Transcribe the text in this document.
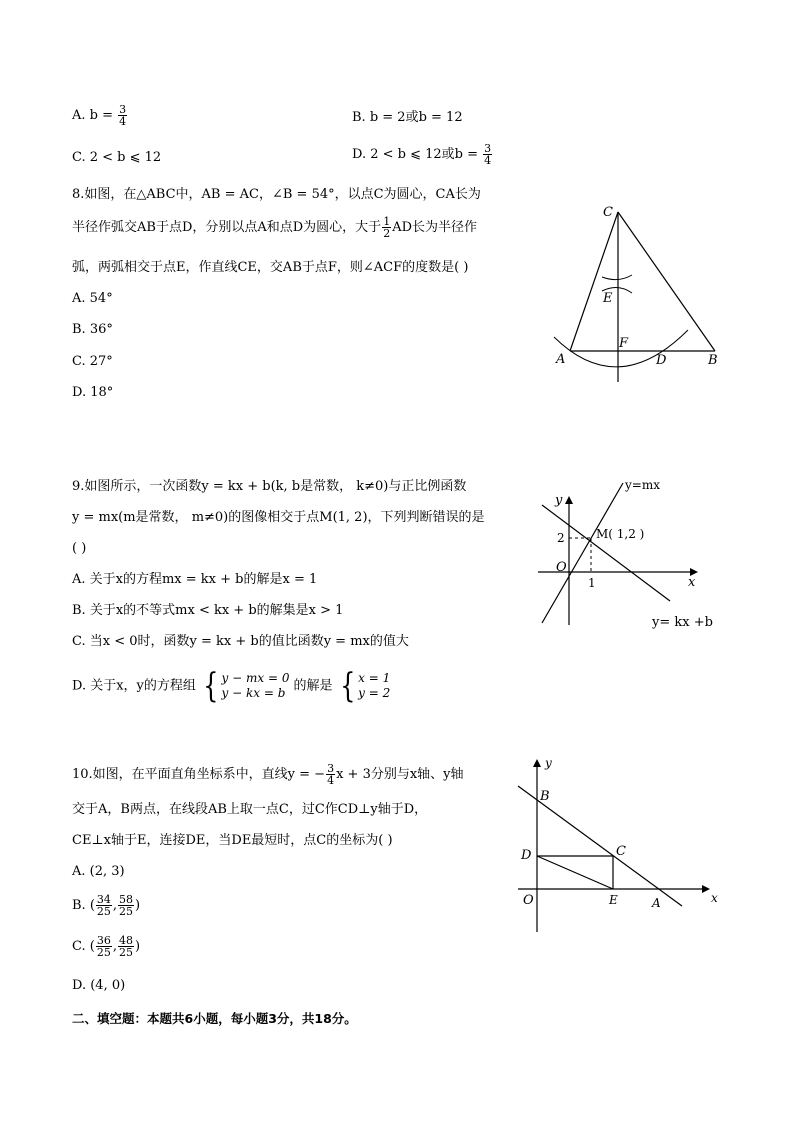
A. $b = \frac{3}{4}$	B. b = 2或b = 12
C. 2 < b ⩽ 12	D. 2 < b ⩽ 12或$b = \frac{3}{4}$
8.如图，在△ABC中，AB = AC，∠B = 54°，以点C为圆心，CA长为
半径作弧交AB于点D，分别以点A和点D为圆心，大于 $\frac{1}{2}$ AD长为半径作
弧，两弧相交于点E，作直线CE，交AB于点F，则∠ACF的度数是( )
A. 54°
B. 36°
C. 27°
D. 18°
C
E
F
A	D	B
9.如图所示，一次函数y = kx + b(k, b是常数， k≠0)与正比例函数
y = mx(m是常数， m≠0)的图像相交于点M(1, 2)，下列判断错误的是
( )
A. 关于x的方程mx = kx + b的解是x = 1
B. 关于x的不等式mx < kx + b的解集是x > 1
C. 当x < 0时，函数y = kx + b的值比函数y = mx的值大
D. 关于x，y的方程组 { y − mx = 0
y − kx = b 的解是 { x = 1
y = 2
y
x
O
2
1
M( 1,2 )
y=mx
y= kx +b
10.如图，在平面直角坐标系中，直线y = − $\frac{3}{4}$ x + 3分别与x轴、y轴
交于A，B两点，在线段AB上取一点C，过C作CD⊥y轴于D，
CE⊥x轴于E，连接DE，当DE最短时，点C的坐标为( )
A. (2, 3)
B. ( $\frac{34}{25}$ , $\frac{58}{25}$ )
C. ( $\frac{36}{25}$ , $\frac{48}{25}$ )
D. (4, 0)
y
B
D	C
O	E	A	x
二、填空题：本题共6小题，每小题3分，共18分。
